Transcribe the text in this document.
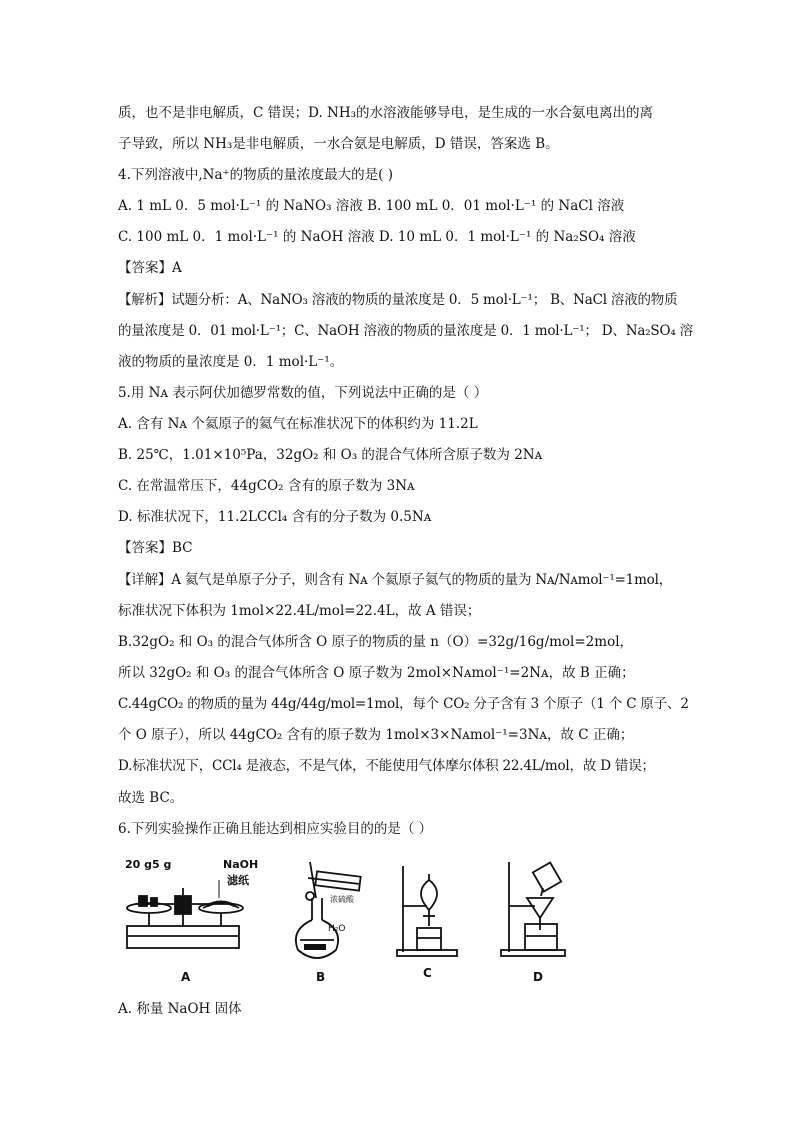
质，也不是非电解质，C 错误；D. NH₃的水溶液能够导电，是生成的一水合氨电离出的离
子导致，所以 NH₃是非电解质，一水合氨是电解质，D 错误，答案选 B。
4.下列溶液中,Na⁺的物质的量浓度最大的是( )
A. 1 mL 0．5 mol·L⁻¹ 的 NaNO₃ 溶液 B. 100 mL 0．01 mol·L⁻¹ 的 NaCl 溶液
C. 100 mL 0．1 mol·L⁻¹ 的 NaOH 溶液 D. 10 mL 0．1 mol·L⁻¹ 的 Na₂SO₄ 溶液
【答案】A
【解析】试题分析：A、NaNO₃ 溶液的物质的量浓度是 0．5 mol·L⁻¹； B、NaCl 溶液的物质
的量浓度是 0．01 mol·L⁻¹；C、NaOH 溶液的物质的量浓度是 0．1 mol·L⁻¹； D、Na₂SO₄ 溶
液的物质的量浓度是 0．1 mol·L⁻¹。
5.用 Nᴀ 表示阿伏加德罗常数的值，下列说法中正确的是（ ）
A. 含有 Nᴀ 个氦原子的氦气在标准状况下的体积约为 11.2L
B. 25℃，1.01×10⁵Pa，32gO₂ 和 O₃ 的混合气体所含原子数为 2Nᴀ
C. 在常温常压下，44gCO₂ 含有的原子数为 3Nᴀ
D. 标准状况下，11.2LCCl₄ 含有的分子数为 0.5Nᴀ
【答案】BC
【详解】A 氦气是单原子分子，则含有 Nᴀ 个氦原子氦气的物质的量为 Nᴀ/Nᴀmol⁻¹=1mol，
标准状况下体积为 1mol×22.4L/mol=22.4L，故 A 错误；
B.32gO₂ 和 O₃ 的混合气体所含 O 原子的物质的量 n（O）=32g/16g/mol=2mol，
所以 32gO₂ 和 O₃ 的混合气体所含 O 原子数为 2mol×Nᴀmol⁻¹=2Nᴀ，故 B 正确；
C.44gCO₂ 的物质的量为 44g/44g/mol=1mol，每个 CO₂ 分子含有 3 个原子（1 个 C 原子、2
个 O 原子），所以 44gCO₂ 含有的原子数为 1mol×3×Nᴀmol⁻¹=3Nᴀ，故 C 正确；
D.标准状况下，CCl₄ 是液态，不是气体，不能使用气体摩尔体积 22.4L/mol，故 D 错误；
故选 BC。
6.下列实验操作正确且能达到相应实验目的的是（ ）
20 g5 g	NaOH
滤纸
A
浓硫酸
H₂O
B	C	D
A. 称量 NaOH 固体
